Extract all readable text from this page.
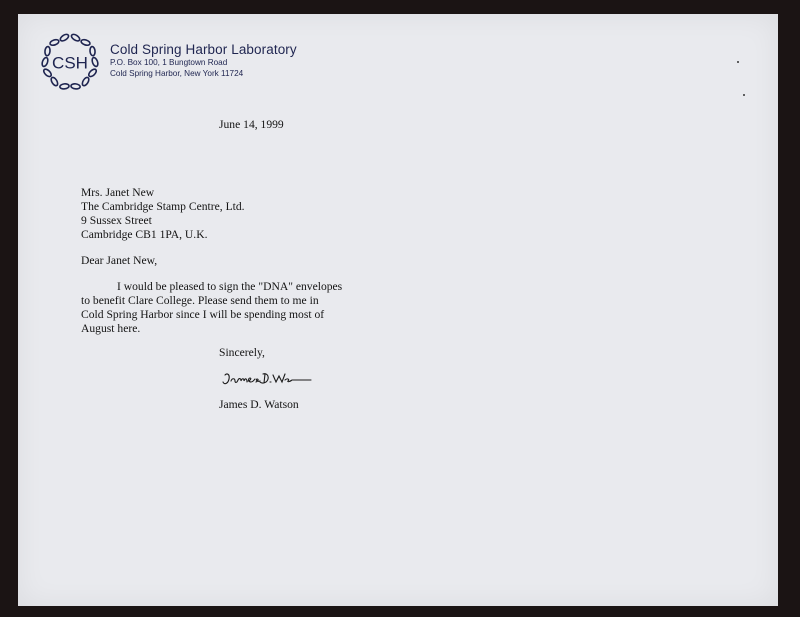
CSH

Cold Spring Harbor Laboratory

P.O. Box 100, 1 Bungtown Road

Cold Spring Harbor, New York 11724

June 14, 1999
Mrs. Janet New
The Cambridge Stamp Centre, Ltd.
9 Sussex Street
Cambridge CB1 1PA, U.K.
Dear Janet New,
I would be pleased to sign the "DNA" envelopes
to benefit Clare College. Please send them to me in
Cold Spring Harbor since I will be spending most of
August here.
Sincerely,
James D. Watson
